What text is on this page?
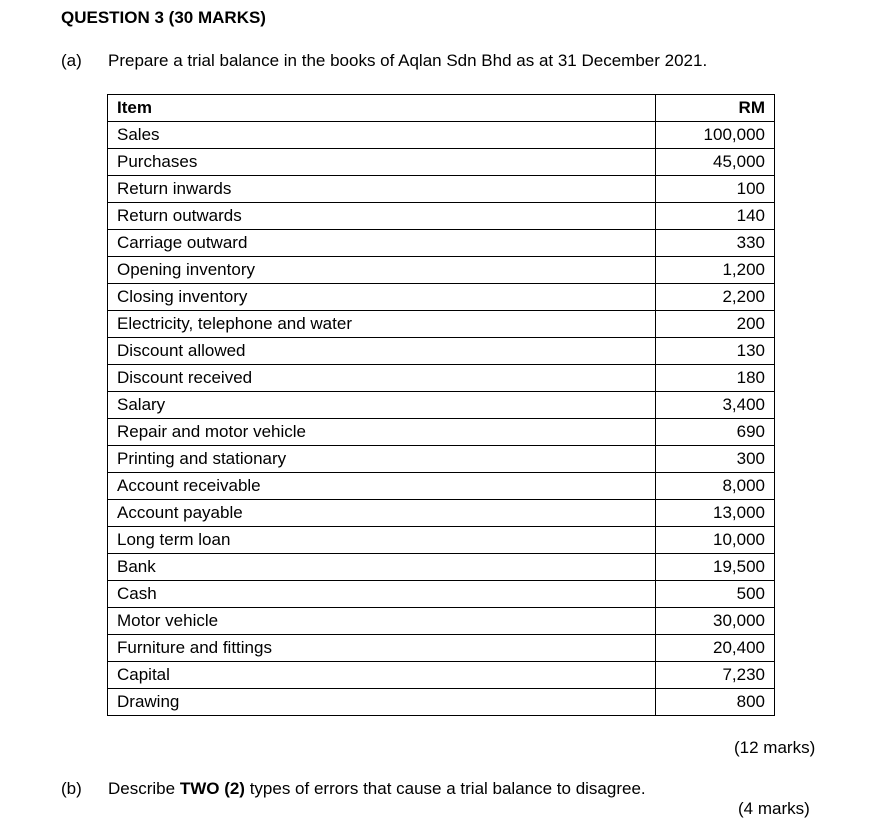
QUESTION 3 (30 MARKS)
(a) Prepare a trial balance in the books of Aqlan Sdn Bhd as at 31 December 2021.
Item	RM
Sales	100,000
Purchases	45,000
Return inwards	100
Return outwards	140
Carriage outward	330
Opening inventory	1,200
Closing inventory	2,200
Electricity, telephone and water	200
Discount allowed	130
Discount received	180
Salary	3,400
Repair and motor vehicle	690
Printing and stationary	300
Account receivable	8,000
Account payable	13,000
Long term loan	10,000
Bank	19,500
Cash	500
Motor vehicle	30,000
Furniture and fittings	20,400
Capital	7,230
Drawing	800
(12 marks)
(b) Describe TWO (2) types of errors that cause a trial balance to disagree.
(4 marks)
